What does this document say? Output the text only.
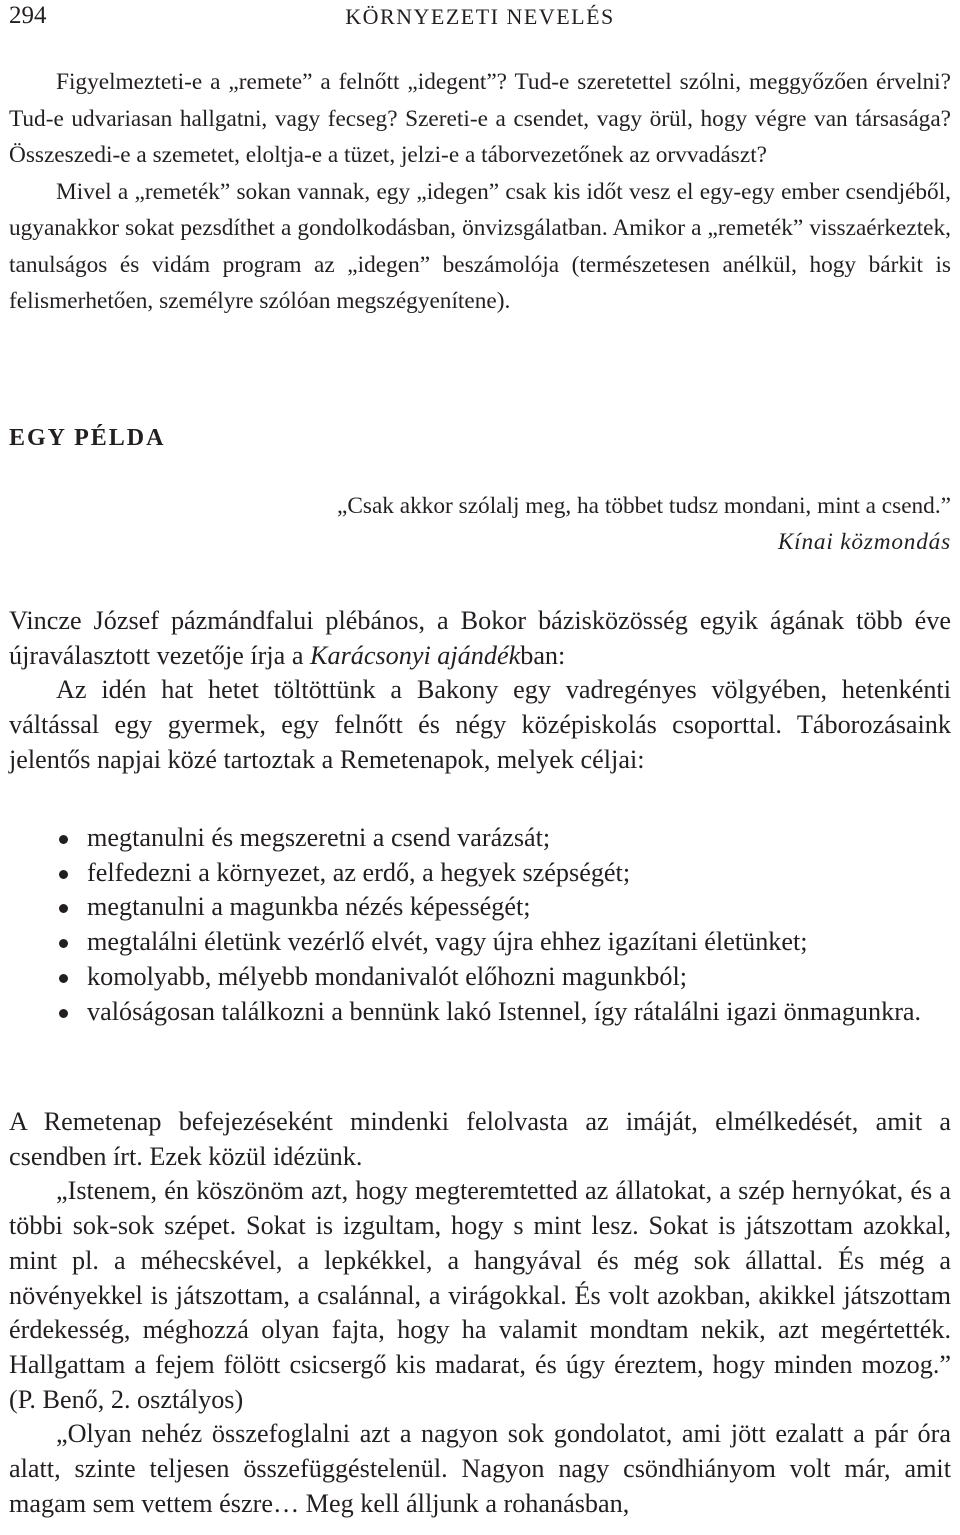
294	KÖRNYEZETI NEVELÉS

Figyelmezteti-e a „remete” a felnőtt „idegent”? Tud-e szeretettel szólni, meggyőzően érvelni? Tud-e udvariasan hallgatni, vagy fecseg? Szereti-e a csendet, vagy örül, hogy végre van társasága? Összeszedi-e a szemetet, eloltja-e a tüzet, jelzi-e a táborvezetőnek az orvvadászt?

Mivel a „remeték” sokan vannak, egy „idegen” csak kis időt vesz el egy-egy ember csendjéből, ugyanakkor sokat pezsdíthet a gondolkodásban, önvizsgálatban. Amikor a „remeték” visszaérkeztek, tanulságos és vidám program az „idegen” beszámolója (természetesen anélkül, hogy bárkit is felismerhetően, személyre szólóan megszégyenítene).

EGY PÉLDA
„Csak akkor szólalj meg, ha többet tudsz mondani, mint a csend.”
Kínai közmondás

Vincze József pázmándfalui plébános, a Bokor bázisközösség egyik ágának több éve újraválasztott vezetője írja a Karácsonyi ajándékban:

Az idén hat hetet töltöttünk a Bakony egy vadregényes völgyében, hetenkénti váltással egy gyermek, egy felnőtt és négy középiskolás csoporttal. Táborozásaink jelentős napjai közé tartoztak a Remetenapok, melyek céljai:

megtanulni és megszeretni a csend varázsát;
felfedezni a környezet, az erdő, a hegyek szépségét;
megtanulni a magunkba nézés képességét;
megtalálni életünk vezérlő elvét, vagy újra ehhez igazítani életünket;
komolyabb, mélyebb mondanivalót előhozni magunkból;
valóságosan találkozni a bennünk lakó Istennel, így rátalálni igazi önmagunkra.

A Remetenap befejezéseként mindenki felolvasta az imáját, elmélkedését, amit a csendben írt. Ezek közül idézünk.

„Istenem, én köszönöm azt, hogy megteremtetted az állatokat, a szép hernyókat, és a többi sok-sok szépet. Sokat is izgultam, hogy s mint lesz. Sokat is játszottam azokkal, mint pl. a méhecskével, a lepkékkel, a hangyával és még sok állattal. És még a növényekkel is játszottam, a csalánnal, a virágokkal. És volt azokban, akikkel játszottam érdekesség, méghozzá olyan fajta, hogy ha valamit mondtam nekik, azt megértették. Hallgattam a fejem fölött csicsergő kis madarat, és úgy éreztem, hogy minden mozog.” (P. Benő, 2. osztályos)

„Olyan nehéz összefoglalni azt a nagyon sok gondolatot, ami jött ezalatt a pár óra alatt, szinte teljesen összefüggéstelenül. Nagyon nagy csöndhiányom volt már, amit magam sem vettem észre… Meg kell álljunk a rohanásban,
